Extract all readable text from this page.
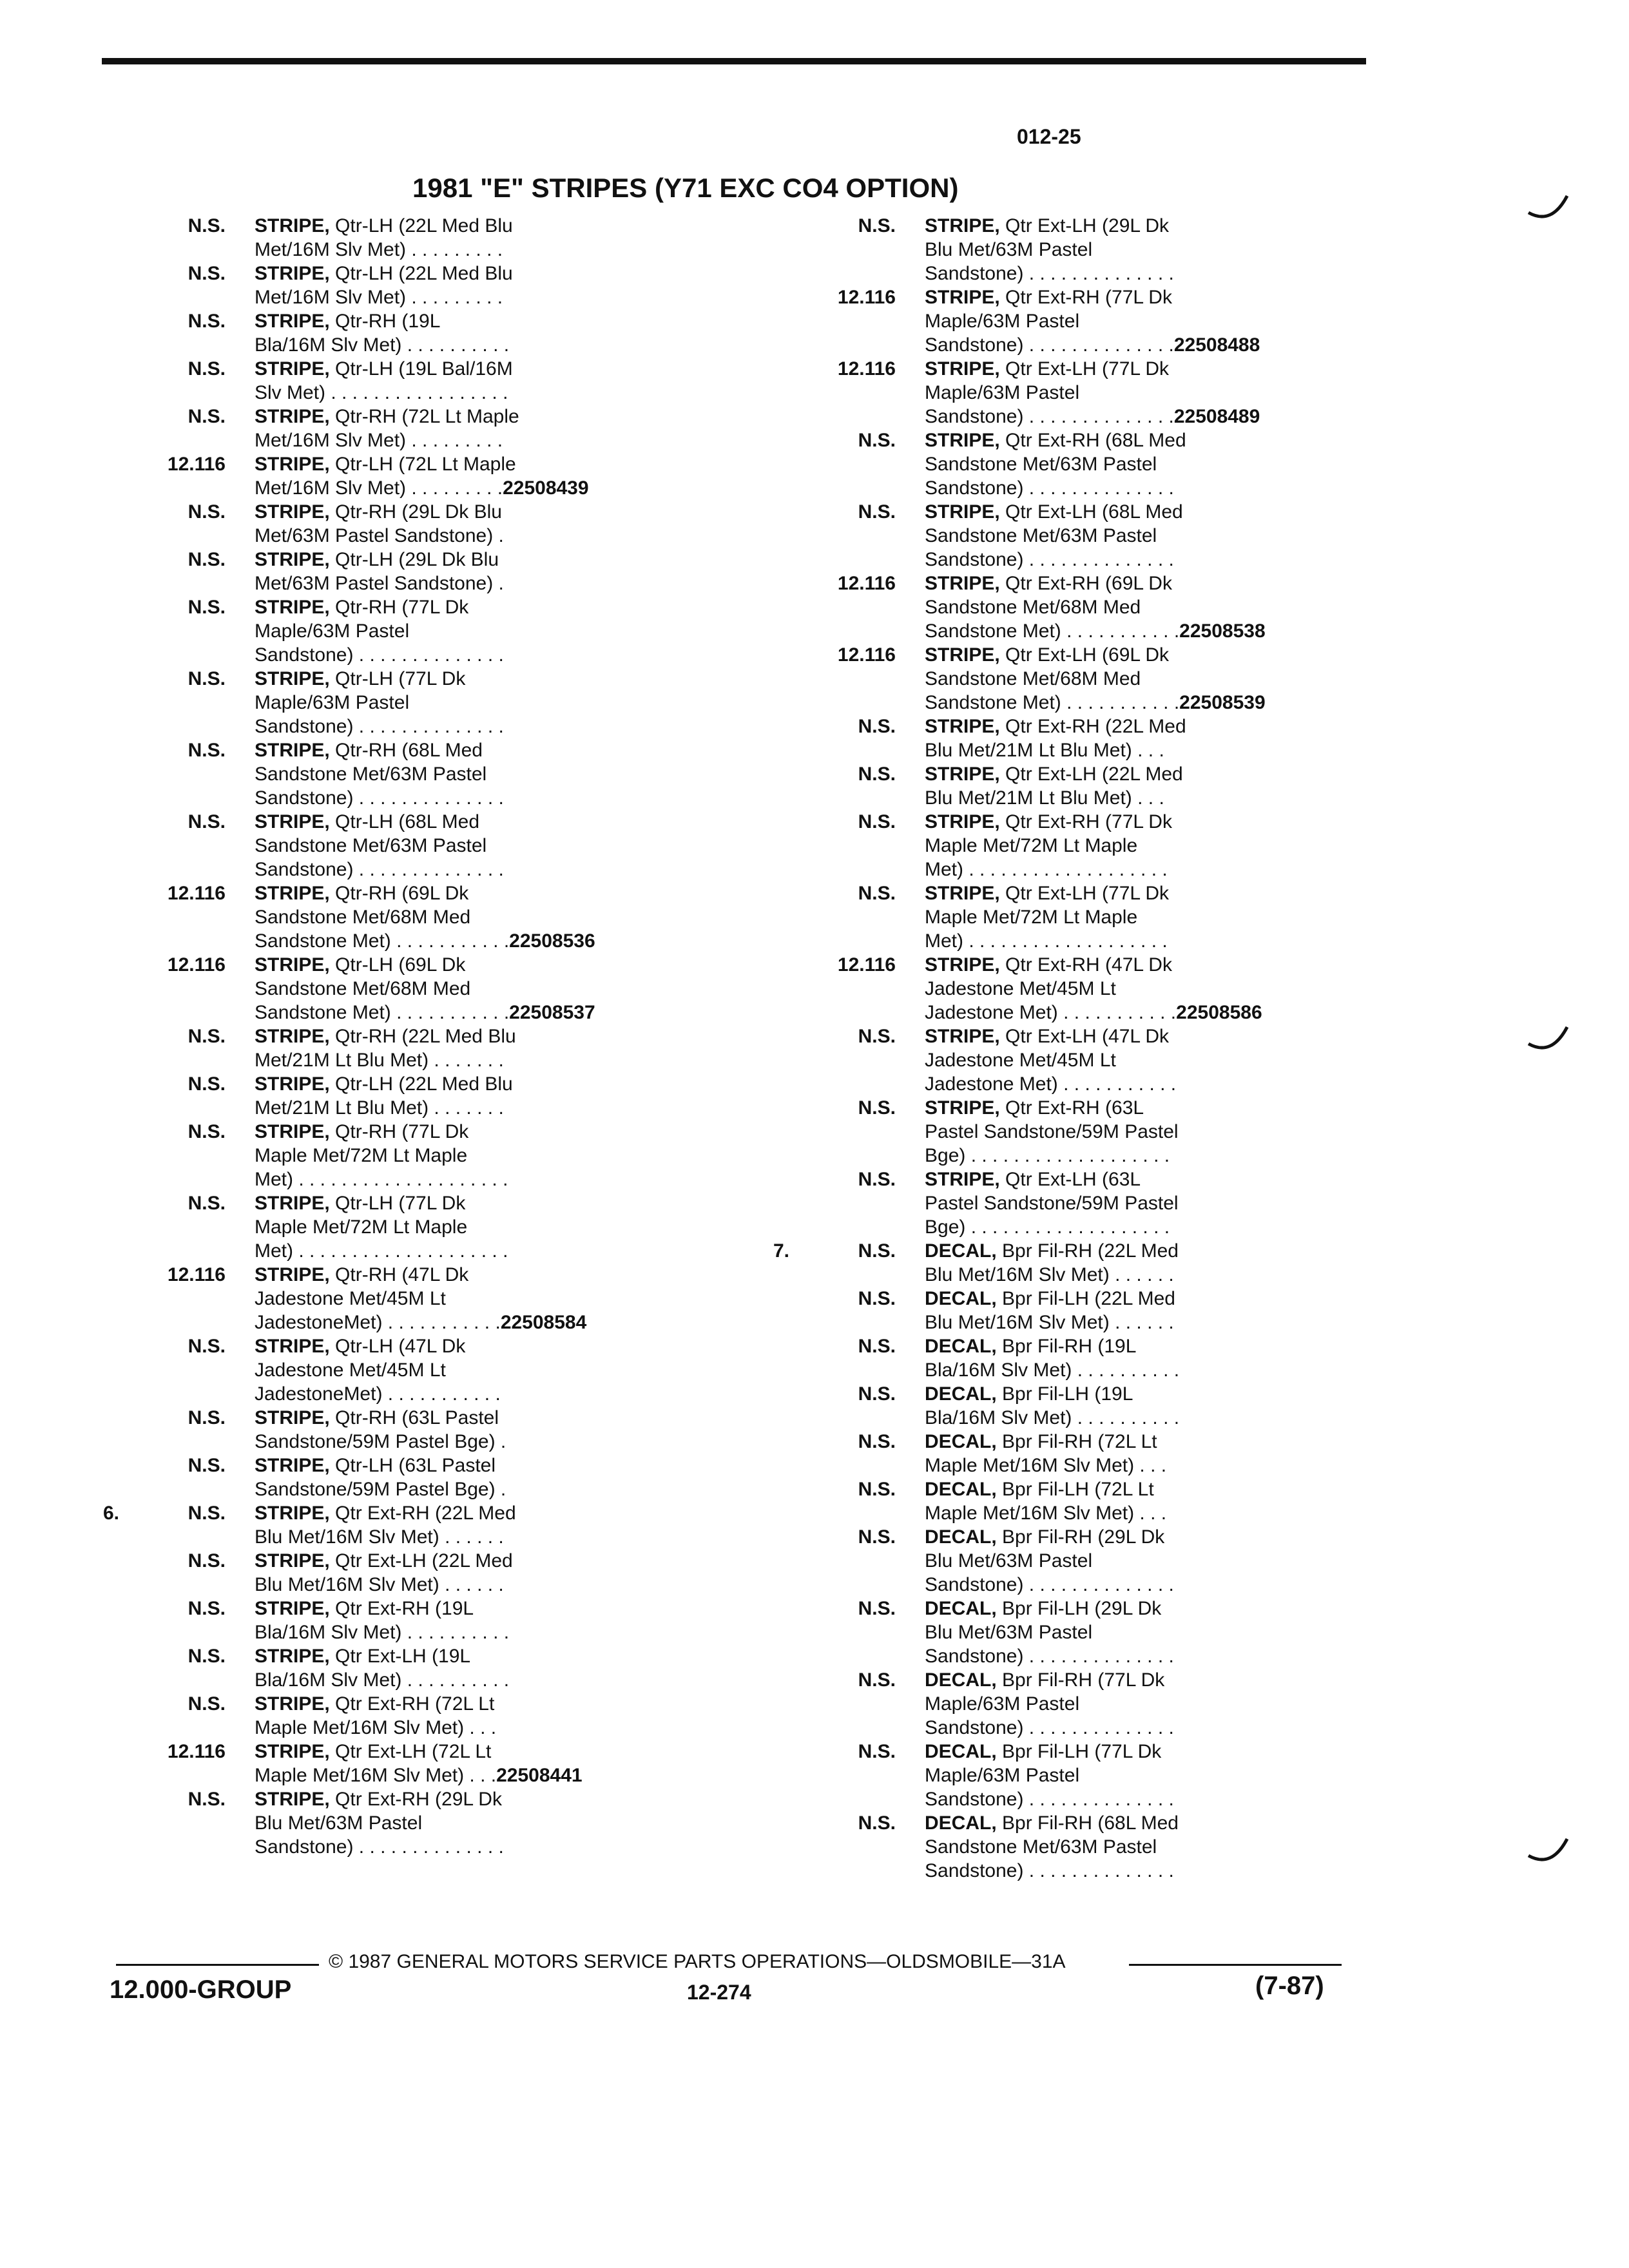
012-25
1981 "E" STRIPES (Y71 EXC CO4 OPTION)
N.S. STRIPE, Qtr-LH (22L Med Blu
Met/16M Slv Met) . . . . . . . . .
N.S. STRIPE, Qtr-LH (22L Med Blu
Met/16M Slv Met) . . . . . . . . .
N.S. STRIPE, Qtr-RH (19L
Bla/16M Slv Met) . . . . . . . . . .
N.S. STRIPE, Qtr-LH (19L Bal/16M
Slv Met) . . . . . . . . . . . . . . . . .
N.S. STRIPE, Qtr-RH (72L Lt Maple
Met/16M Slv Met) . . . . . . . . .
12.116 STRIPE, Qtr-LH (72L Lt Maple
Met/16M Slv Met) . . . . . . . . .22508439
N.S. STRIPE, Qtr-RH (29L Dk Blu
Met/63M Pastel Sandstone) .
N.S. STRIPE, Qtr-LH (29L Dk Blu
Met/63M Pastel Sandstone) .
N.S. STRIPE, Qtr-RH (77L Dk
Maple/63M Pastel
Sandstone) . . . . . . . . . . . . . .
N.S. STRIPE, Qtr-LH (77L Dk
Maple/63M Pastel
Sandstone) . . . . . . . . . . . . . .
N.S. STRIPE, Qtr-RH (68L Med
Sandstone Met/63M Pastel
Sandstone) . . . . . . . . . . . . . .
N.S. STRIPE, Qtr-LH (68L Med
Sandstone Met/63M Pastel
Sandstone) . . . . . . . . . . . . . .
12.116 STRIPE, Qtr-RH (69L Dk
Sandstone Met/68M Med
Sandstone Met) . . . . . . . . . . .22508536
12.116 STRIPE, Qtr-LH (69L Dk
Sandstone Met/68M Med
Sandstone Met) . . . . . . . . . . .22508537
N.S. STRIPE, Qtr-RH (22L Med Blu
Met/21M Lt Blu Met) . . . . . . .
N.S. STRIPE, Qtr-LH (22L Med Blu
Met/21M Lt Blu Met) . . . . . . .
N.S. STRIPE, Qtr-RH (77L Dk
Maple Met/72M Lt Maple
Met) . . . . . . . . . . . . . . . . . . . .
N.S. STRIPE, Qtr-LH (77L Dk
Maple Met/72M Lt Maple
Met) . . . . . . . . . . . . . . . . . . . .
12.116 STRIPE, Qtr-RH (47L Dk
Jadestone Met/45M Lt
JadestoneMet) . . . . . . . . . . .22508584
N.S. STRIPE, Qtr-LH (47L Dk
Jadestone Met/45M Lt
JadestoneMet) . . . . . . . . . . .
N.S. STRIPE, Qtr-RH (63L Pastel
Sandstone/59M Pastel Bge) .
N.S. STRIPE, Qtr-LH (63L Pastel
Sandstone/59M Pastel Bge) .
6.	N.S. STRIPE, Qtr Ext-RH (22L Med
Blu Met/16M Slv Met) . . . . . .
N.S. STRIPE, Qtr Ext-LH (22L Med
Blu Met/16M Slv Met) . . . . . .
N.S. STRIPE, Qtr Ext-RH (19L
Bla/16M Slv Met) . . . . . . . . . .
N.S. STRIPE, Qtr Ext-LH (19L
Bla/16M Slv Met) . . . . . . . . . .
N.S. STRIPE, Qtr Ext-RH (72L Lt
Maple Met/16M Slv Met) . . .
12.116 STRIPE, Qtr Ext-LH (72L Lt
Maple Met/16M Slv Met) . . .22508441
N.S. STRIPE, Qtr Ext-RH (29L Dk
Blu Met/63M Pastel
Sandstone) . . . . . . . . . . . . . .
N.S. STRIPE, Qtr Ext-LH (29L Dk
Blu Met/63M Pastel
Sandstone) . . . . . . . . . . . . . .
12.116 STRIPE, Qtr Ext-RH (77L Dk
Maple/63M Pastel
Sandstone) . . . . . . . . . . . . . .22508488
12.116 STRIPE, Qtr Ext-LH (77L Dk
Maple/63M Pastel
Sandstone) . . . . . . . . . . . . . .22508489
N.S. STRIPE, Qtr Ext-RH (68L Med
Sandstone Met/63M Pastel
Sandstone) . . . . . . . . . . . . . .
N.S. STRIPE, Qtr Ext-LH (68L Med
Sandstone Met/63M Pastel
Sandstone) . . . . . . . . . . . . . .
12.116 STRIPE, Qtr Ext-RH (69L Dk
Sandstone Met/68M Med
Sandstone Met) . . . . . . . . . . .22508538
12.116 STRIPE, Qtr Ext-LH (69L Dk
Sandstone Met/68M Med
Sandstone Met) . . . . . . . . . . .22508539
N.S. STRIPE, Qtr Ext-RH (22L Med
Blu Met/21M Lt Blu Met) . . .
N.S. STRIPE, Qtr Ext-LH (22L Med
Blu Met/21M Lt Blu Met) . . .
N.S. STRIPE, Qtr Ext-RH (77L Dk
Maple Met/72M Lt Maple
Met) . . . . . . . . . . . . . . . . . . .
N.S. STRIPE, Qtr Ext-LH (77L Dk
Maple Met/72M Lt Maple
Met) . . . . . . . . . . . . . . . . . . .
12.116 STRIPE, Qtr Ext-RH (47L Dk
Jadestone Met/45M Lt
Jadestone Met) . . . . . . . . . . .22508586
N.S. STRIPE, Qtr Ext-LH (47L Dk
Jadestone Met/45M Lt
Jadestone Met) . . . . . . . . . . .
N.S. STRIPE, Qtr Ext-RH (63L
Pastel Sandstone/59M Pastel
Bge) . . . . . . . . . . . . . . . . . . .
N.S. STRIPE, Qtr Ext-LH (63L
Pastel Sandstone/59M Pastel
Bge) . . . . . . . . . . . . . . . . . . .
7.	N.S. DECAL, Bpr Fil-RH (22L Med
Blu Met/16M Slv Met) . . . . . .
N.S. DECAL, Bpr Fil-LH (22L Med
Blu Met/16M Slv Met) . . . . . .
N.S. DECAL, Bpr Fil-RH (19L
Bla/16M Slv Met) . . . . . . . . . .
N.S. DECAL, Bpr Fil-LH (19L
Bla/16M Slv Met) . . . . . . . . . .
N.S. DECAL, Bpr Fil-RH (72L Lt
Maple Met/16M Slv Met) . . .
N.S. DECAL, Bpr Fil-LH (72L Lt
Maple Met/16M Slv Met) . . .
N.S. DECAL, Bpr Fil-RH (29L Dk
Blu Met/63M Pastel
Sandstone) . . . . . . . . . . . . . .
N.S. DECAL, Bpr Fil-LH (29L Dk
Blu Met/63M Pastel
Sandstone) . . . . . . . . . . . . . .
N.S. DECAL, Bpr Fil-RH (77L Dk
Maple/63M Pastel
Sandstone) . . . . . . . . . . . . . .
N.S. DECAL, Bpr Fil-LH (77L Dk
Maple/63M Pastel
Sandstone) . . . . . . . . . . . . . .
N.S. DECAL, Bpr Fil-RH (68L Med
Sandstone Met/63M Pastel
Sandstone) . . . . . . . . . . . . . .
© 1987 GENERAL MOTORS SERVICE PARTS OPERATIONS—OLDSMOBILE—31A
12.000-GROUP	12-274	(7-87)
